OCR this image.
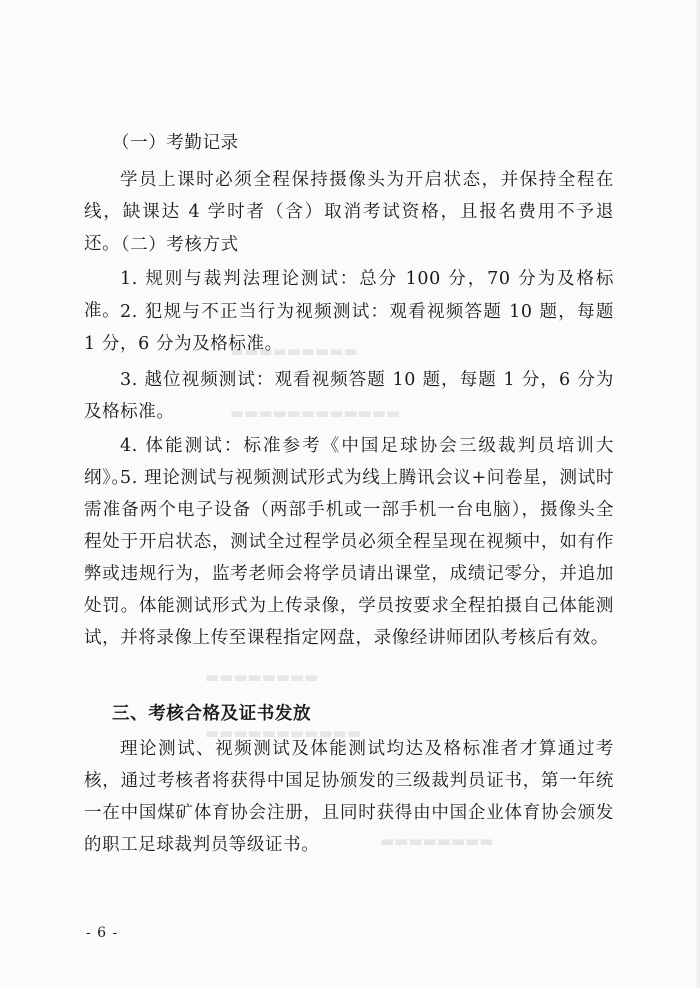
▬▬▬▬▬▬▬▬▬
▬▬▬▬▬▬▬▬▬▬▬▬
▬▬▬▬▬▬▬▬
▬▬▬▬▬▬▬▬▬▬▬
▬▬▬▬▬▬▬▬

（一）考勤记录

学员上课时必须全程保持摄像头为开启状态，并保持全程在线，缺课达 4 学时者（含）取消考试资格，且报名费用不予退还。

（二）考核方式

1. 规则与裁判法理论测试：总分 100 分，70 分为及格标准。 2. 犯规与不正当行为视频测试：观看视频答题 10 题，每题 1 分，6 分为及格标准。

3. 越位视频测试：观看视频答题 10 题，每题 1 分，6 分为及格标准。

4. 体能测试：标准参考《中国足球协会三级裁判员培训大纲》。

5. 理论测试与视频测试形式为线上腾讯会议+问卷星，测试时需准备两个电子设备（两部手机或一部手机一台电脑），摄像头全程处于开启状态，测试全过程学员必须全程呈现在视频中，如有作弊或违规行为，监考老师会将学员请出课堂，成绩记零分，并追加处罚。体能测试形式为上传录像，学员按要求全程拍摄自己体能测试，并将录像上传至课程指定网盘，录像经讲师团队考核后有效。

三、考核合格及证书发放

理论测试、视频测试及体能测试均达及格标准者才算通过考核，通过考核者将获得中国足协颁发的三级裁判员证书，第一年统一在中国煤矿体育协会注册，且同时获得由中国企业体育协会颁发的职工足球裁判员等级证书。

- 6 -
